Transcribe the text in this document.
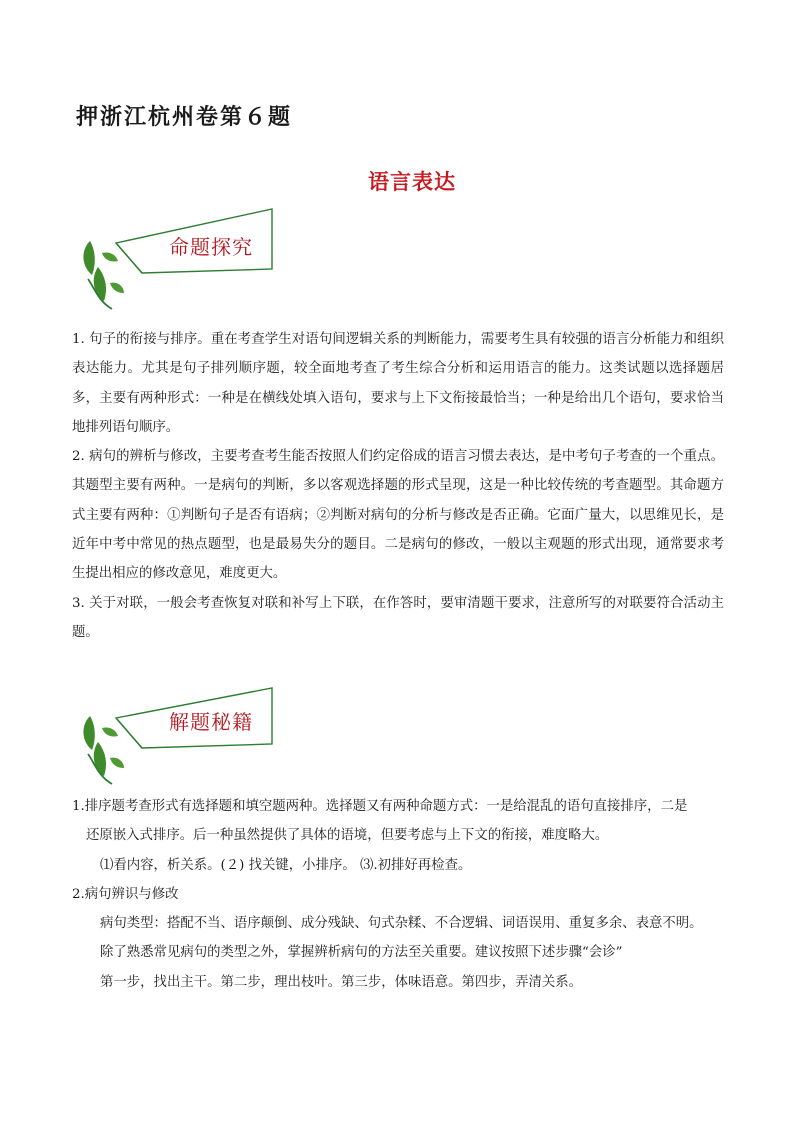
押浙江杭州卷第６题
语言表达
命题探究

1. 句子的衔接与排序。重在考查学生对语句间逻辑关系的判断能力，需要考生具有较强的语言分析能力和组织表达能力。尤其是句子排列顺序题，较全面地考查了考生综合分析和运用语言的能力。这类试题以选择题居多，主要有两种形式：一种是在横线处填入语句，要求与上下文衔接最恰当；一种是给出几个语句，要求恰当地排列语句顺序。

2. 病句的辨析与修改，主要考查考生能否按照人们约定俗成的语言习惯去表达，是中考句子考查的一个重点。其题型主要有两种。一是病句的判断，多以客观选择题的形式呈现，这是一种比较传统的考查题型。其命题方式主要有两种：①判断句子是否有语病；②判断对病句的分析与修改是否正确。它面广量大，以思维见长，是近年中考中常见的热点题型，也是最易失分的题目。二是病句的修改，一般以主观题的形式出现，通常要求考生提出相应的修改意见，难度更大。

3. 关于对联，一般会考查恢复对联和补写上下联，在作答时，要审清题干要求，注意所写的对联要符合活动主题。

解题秘籍

1.排序题考查形式有选择题和填空题两种。选择题又有两种命题方式：一是给混乱的语句直接排序，二是

还原嵌入式排序。后一种虽然提供了具体的语境，但要考虑与上下文的衔接，难度略大。

⑴看内容，析关系。(２) 找关键，小排序。 ⑶.初排好再检查。

2.病句辨识与修改

病句类型：搭配不当、语序颠倒、成分残缺、句式杂糅、不合逻辑、词语误用、重复多余、表意不明。

除了熟悉常见病句的类型之外，掌握辨析病句的方法至关重要。建议按照下述步骤“会诊”

第一步，找出主干。第二步，理出枝叶。第三步，体味语意。第四步，弄清关系。
